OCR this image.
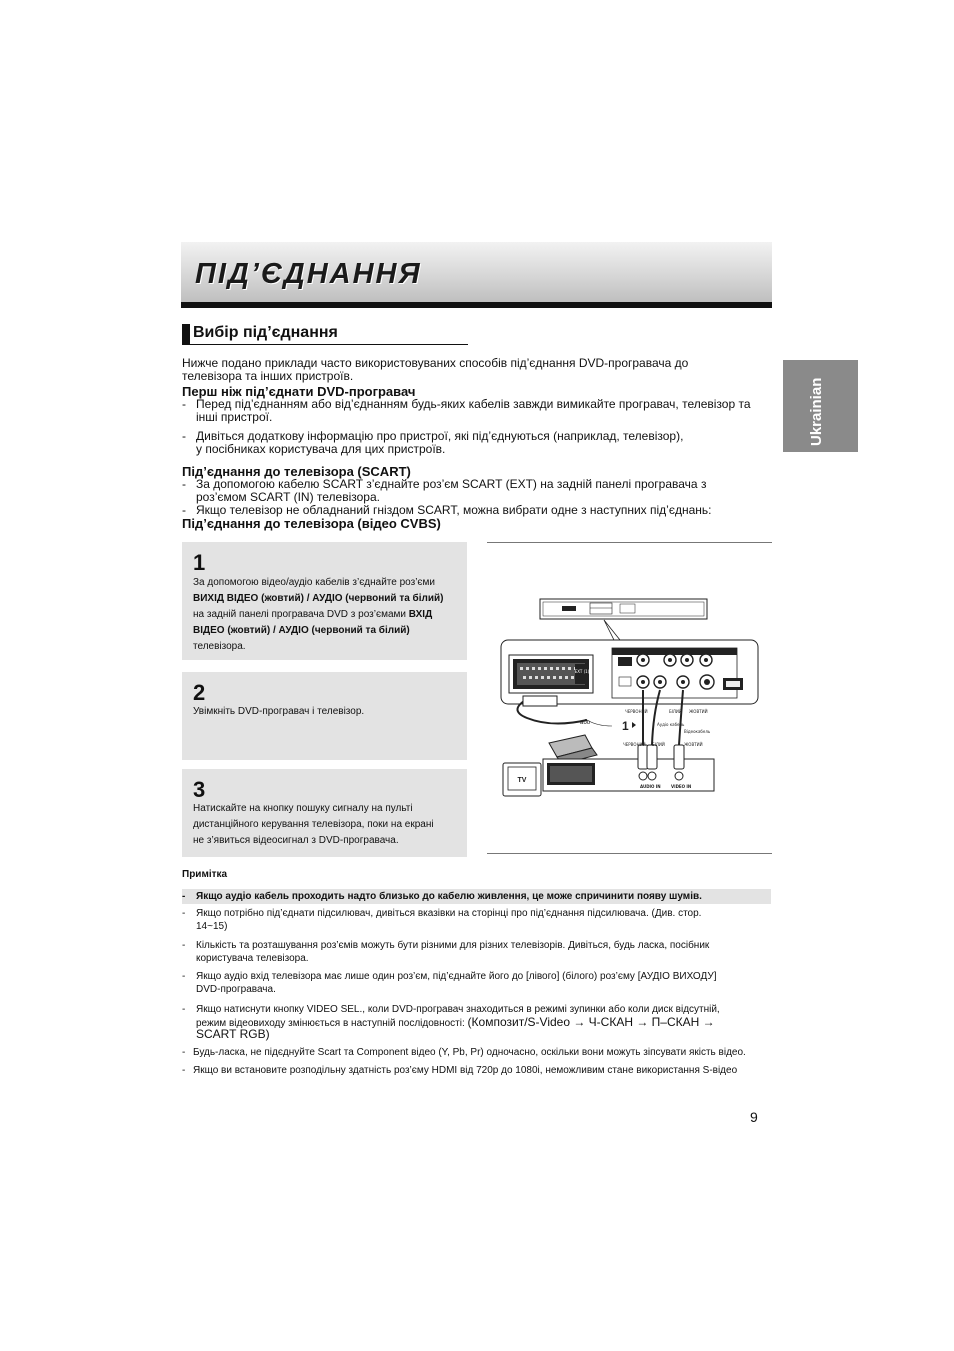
ПІД’ЄДНАННЯ
Ukrainian
Вибір під’єднання
Нижче подано приклади часто використовуваних способів під’єднання DVD-програвача до
телевізора та інших пристроїв.
Перш ніж під’єднати DVD-програвач
- Перед під’єднанням або від’єднанням будь-яких кабелів завжди вимикайте програвач, телевізор та
інші пристрої.
- Дивіться додаткову інформацію про пристрої, які під’єднуються (наприклад, телевізор),
у посібниках користувача для цих пристроїв.
Під’єднання до телевізора (SCART)
- За допомогою кабелю SCART з’єднайте роз’єм SCART (EXT) на задній панелі програвача з
роз’ємом SCART (IN) телевізора.
- Якщо телевізор не обладнаний гніздом SCART, можна вибрати одне з наступних під’єднань:
Під’єднання до телевізора (відео CVBS)
1
За допомогою відео/аудіо кабелів з’єднайте роз’єми
ВИХІД ВІДЕО (жовтий) / АУДІО (червоний та білий)
на задній панелі програвача DVD з роз’ємами ВХІД
ВІДЕО (жовтий) / АУДІО (червоний та білий)
телевізора.
2
Увімкніть DVD-програвач і телевізор.
3
Натискайте на кнопку пошуку сигналу на пульті
дистанційного керування телевізора, поки на екрані
не з’явиться відеосигнал з DVD-програвача.
EXT (1)
або
TV
1
ЧЕРВОНИЙ	БІЛИЙ ЖОВТИЙ
Аудіо кабель
Відеокабель
ЧЕРВОНИЙ БІЛИЙ	ЖОВТИЙ
AUDIO IN	VIDEO IN
Примітка
- Якщо аудіо кабель проходить надто близько до кабелю живлення, це може спричинити появу шумів.
- Якщо потрібно під’єднати підсилювач, дивіться вказівки на сторінці про під’єднання підсилювача. (Див. стор.
14~15)
- Кількість та розташування роз’ємів можуть бути різними для різних телевізорів. Дивіться, будь ласка, посібник
користувача телевізора.
- Якщо аудіо вхід телевізора має лише один роз’єм, під’єднайте його до [лівого] (білого) роз’єму [АУДІО ВИХОДУ]
DVD-програвача.
- Якщо натиснути кнопку VIDEO SEL., коли DVD-програвач знаходиться в режимі зупинки або коли диск відсутній,
режим відеовиходу змінюється в наступній послідовності: (Композит/S-Video → Ч-СКАН → П–СКАН →
SCART RGB)
- Будь-ласка, не підєднуйте Scart та Component відео (Y, Pb, Pr) одночасно, оскільки вони можуть зіпсувати якість відео.
- Якщо ви встановите розподільну здатність роз’єму HDMI від 720p до 1080i, неможливим стане використання S-відео
9
